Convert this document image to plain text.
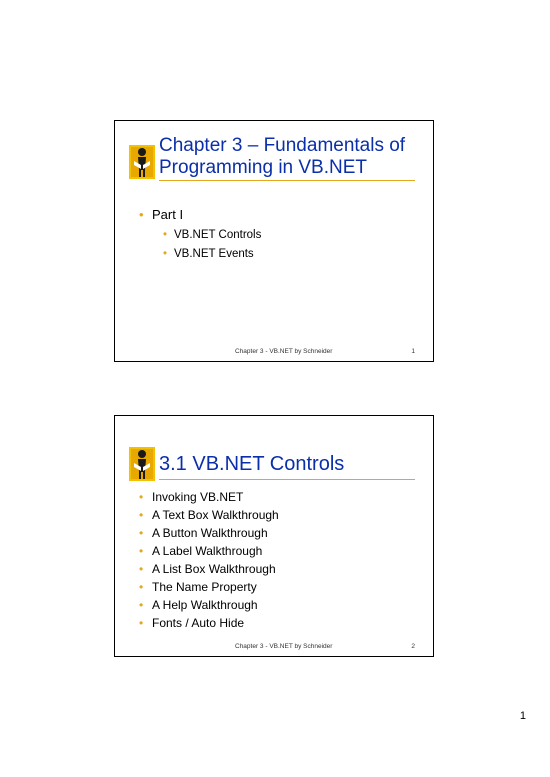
Chapter 3 – Fundamentals of
Programming in VB.NET
• Part I
• VB.NET Controls
• VB.NET Events
Chapter 3 - VB.NET by Schneider	1
3.1 VB.NET Controls
• Invoking VB.NET
• A Text Box Walkthrough
• A Button Walkthrough
• A Label Walkthrough
• A List Box Walkthrough
• The Name Property
• A Help Walkthrough
• Fonts / Auto Hide
Chapter 3 - VB.NET by Schneider	2
1
